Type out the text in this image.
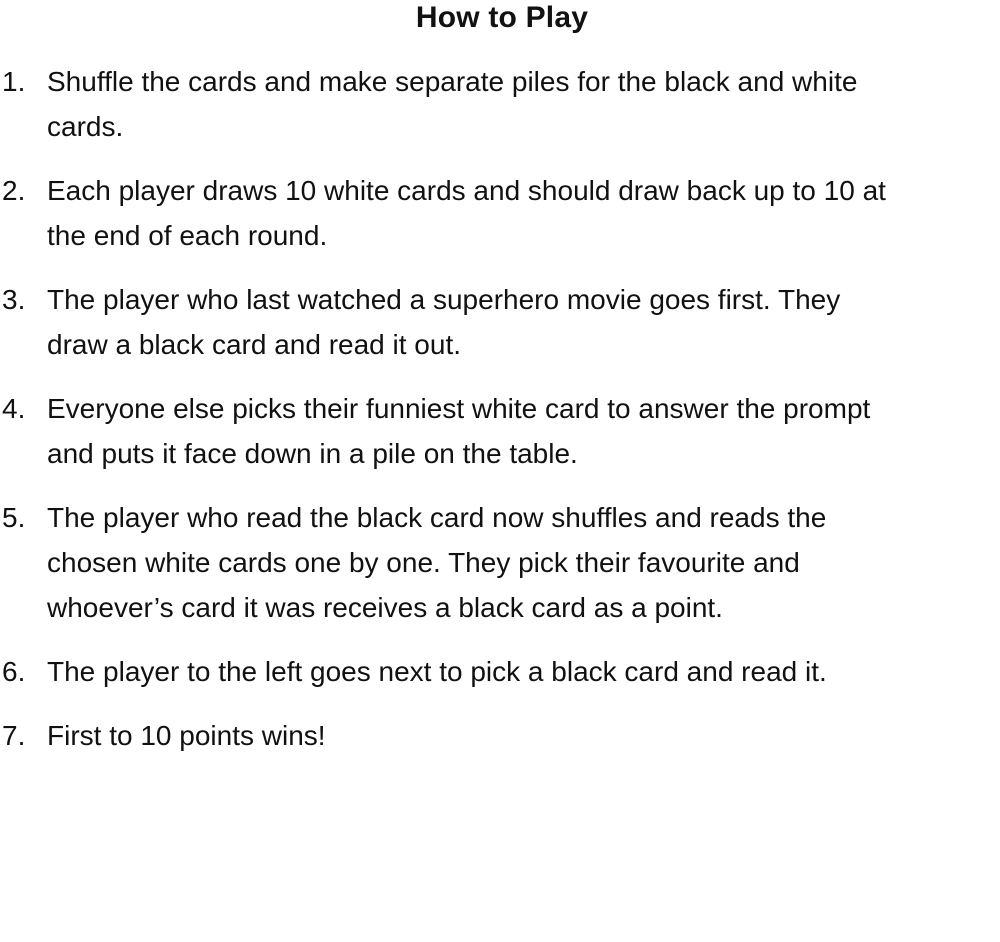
How to Play
1. Shuffle the cards and make separate piles for the black and white
cards.
2. Each player draws 10 white cards and should draw back up to 10 at
the end of each round.
3. The player who last watched a superhero movie goes first. They
draw a black card and read it out.
4. Everyone else picks their funniest white card to answer the prompt
and puts it face down in a pile on the table.
5. The player who read the black card now shuffles and reads the
chosen white cards one by one. They pick their favourite and
whoever’s card it was receives a black card as a point.
6. The player to the left goes next to pick a black card and read it.
7. First to 10 points wins!
